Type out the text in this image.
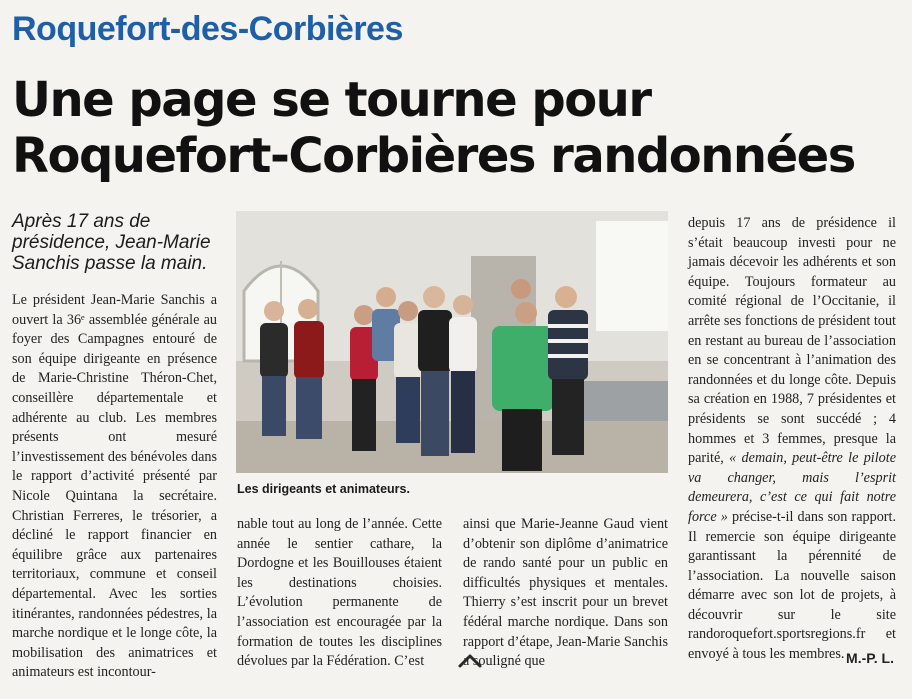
Roquefort-des-Corbières
Une page se tourne pour
Roquefort-Corbières randonnées
Après 17 ans de présidence, Jean-Marie Sanchis passe la main.
Le président Jean-Marie Sanchis a ouvert la 36ᵉ assemblée générale au foyer des Campagnes entouré de son équipe dirigeante en présence de Marie-Christine Théron-Chet, conseillère départementale et adhérente au club. Les membres présents ont mesuré l’investissement des bénévoles dans le rapport d’activité présenté par Nicole Quintana la secrétaire. Christian Ferreres, le trésorier, a décliné le rapport financier en équilibre grâce aux partenaires territoriaux, commune et conseil départemental. Avec les sorties itinérantes, randonnées pédestres, la marche nordique et le longe côte, la mobilisation des animatrices et animateurs est incontour-
Les dirigeants et animateurs.
nable tout au long de l’année. Cette année le sentier cathare, la Dordogne et les Bouillouses étaient les destinations choisies. L’évolution permanente de l’association est encouragée par la formation de toutes les disciplines dévolues par la Fédération. C’est
ainsi que Marie-Jeanne Gaud vient d’obtenir son diplôme d’animatrice de rando santé pour un public en difficultés physiques et mentales. Thierry s’est inscrit pour un brevet fédéral marche nordique. Dans son rapport d’étape, Jean-Marie Sanchis a souligné que
depuis 17 ans de présidence il s’était beaucoup investi pour ne jamais décevoir les adhérents et son équipe. Toujours formateur au comité régional de l’Occitanie, il arrête ses fonctions de président tout en restant au bureau de l’association en se concentrant à l’animation des randonnées et du longe côte. Depuis sa création en 1988, 7 présidentes et présidents se sont succédé ; 4 hommes et 3 femmes, presque la parité, « demain, peut-être le pilote va changer, mais l’esprit demeurera, c’est ce qui fait notre force » précise-t-il dans son rapport. Il remercie son équipe dirigeante garantissant la pérennité de l’association. La nouvelle saison démarre avec son lot de projets, à découvrir sur le site randoroquefort.sportsregions.fr et envoyé à tous les membres. M.-P. L.
